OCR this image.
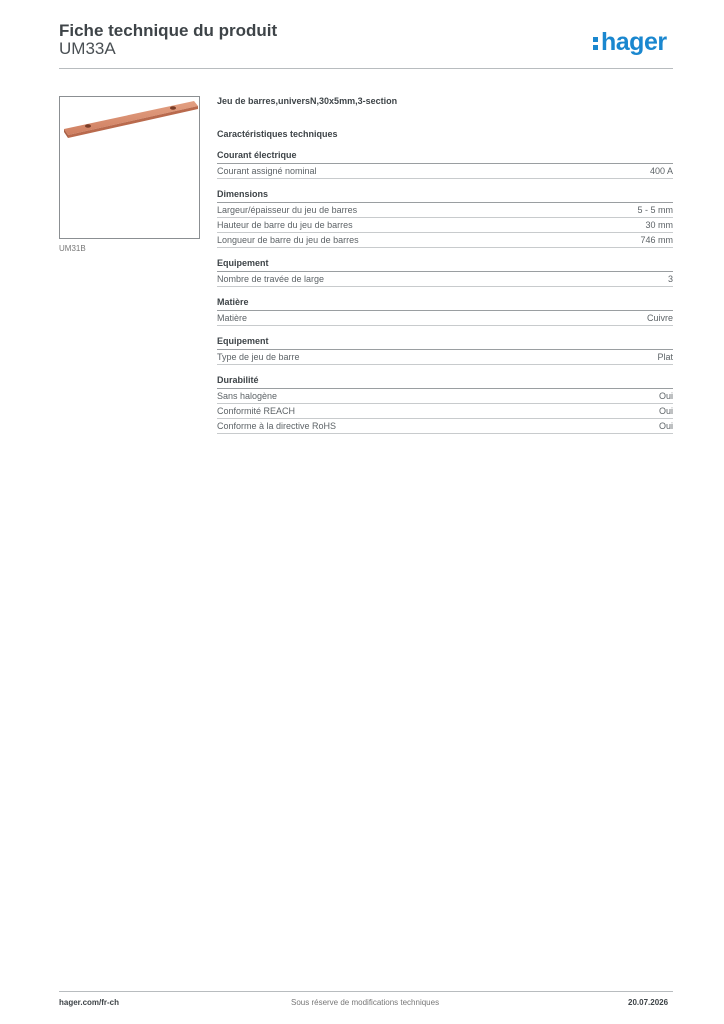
Fiche technique du produit
UM33A	hager
UM31B
Jeu de barres,universN,30x5mm,3-section
Caractéristiques techniques
Courant électrique
Courant assigné nominal	400 A
Dimensions
Largeur/épaisseur du jeu de barres	5 - 5 mm
Hauteur de barre du jeu de barres	30 mm
Longueur de barre du jeu de barres	746 mm
Equipement
Nombre de travée de large	3
Matière
Matière	Cuivre
Equipement
Type de jeu de barre	Plat
Durabilité
Sans halogène	Oui
Conformité REACH	Oui
Conforme à la directive RoHS	Oui
hager.com/fr-ch	Sous réserve de modifications techniques	20.07.2026
